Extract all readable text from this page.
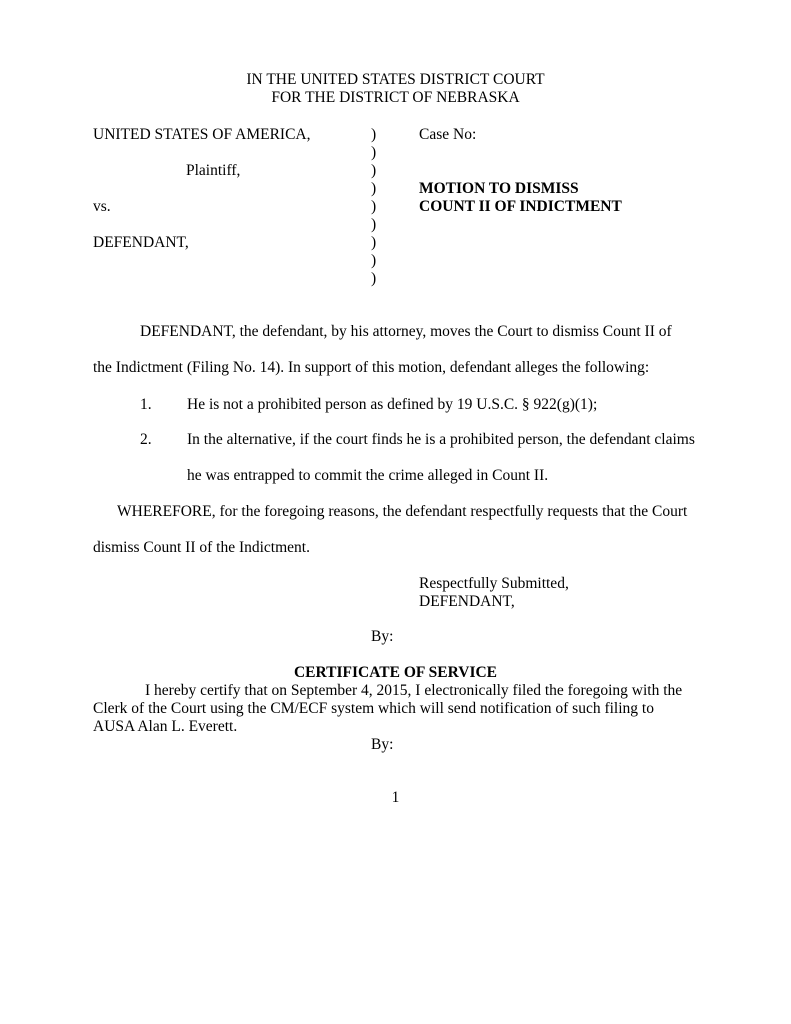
IN THE UNITED STATES DISTRICT COURT
FOR THE DISTRICT OF NEBRASKA
UNITED STATES OF AMERICA,
Plaintiff,
vs.
DEFENDANT,
)
)
)
)
)
)
)
)
)
Case No:
MOTION TO DISMISS
COUNT II OF INDICTMENT
DEFENDANT, the defendant, by his attorney, moves the Court to dismiss Count II of
the Indictment (Filing No. 14). In support of this motion, defendant alleges the following:
1. He is not a prohibited person as defined by 19 U.S.C. § 922(g)(1);
2. In the alternative, if the court finds he is a prohibited person, the defendant claims
he was entrapped to commit the crime alleged in Count II.
WHEREFORE, for the foregoing reasons, the defendant respectfully requests that the Court
dismiss Count II of the Indictment.
Respectfully Submitted,
DEFENDANT,
By:
CERTIFICATE OF SERVICE
I hereby certify that on September 4, 2015, I electronically filed the foregoing with the
Clerk of the Court using the CM/ECF system which will send notification of such filing to
AUSA Alan L. Everett.
By:
1
